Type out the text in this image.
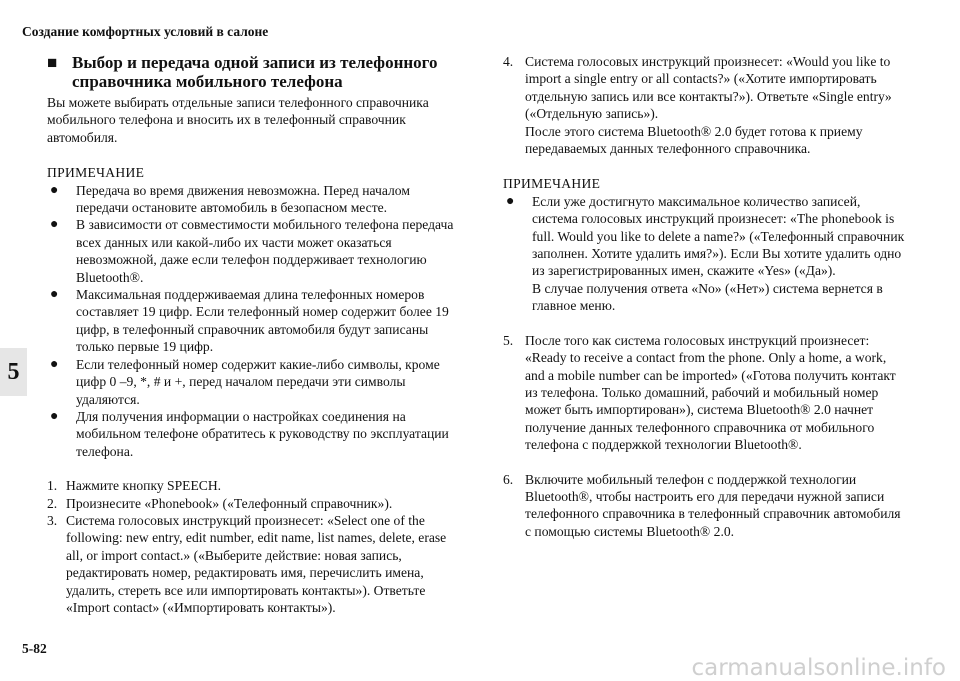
Создание комфортных условий в салоне
5
■ Выбор и передача одной записи из телефонного справочника мобильного телефона

Вы можете выбирать отдельные записи телефонного справочника мобильного телефона и вносить их в телефонный справочник автомобиля.

ПРИМЕЧАНИЕ
●	Передача во время движения невозможна. Перед началом передачи остановите автомобиль в безопасном месте.
●	В зависимости от совместимости мобильного телефона передача всех данных или какой-либо их части может оказаться невозможной, даже если телефон поддерживает технологию Bluetooth®.
●	Максимальная поддерживаемая длина телефонных номеров составляет 19 цифр. Если телефонный номер содержит более 19 цифр, в телефонный справочник автомобиля будут записаны только первые 19 цифр.
●	Если телефонный номер содержит какие-либо символы, кроме цифр 0 –9, *, # и +, перед началом передачи эти символы удаляются.
●	Для получения информации о настройках соединения на мобильном телефоне обратитесь к руководству по эксплуатации телефона.
1. Нажмите кнопку SPEECH.
2. Произнесите «Phonebook» («Телефонный справочник»).
3. Система голосовых инструкций произнесет: «Select one of the following: new entry, edit number, edit name, list names, delete, erase all, or import contact.» («Выберите действие: новая запись, редактировать номер, редактировать имя, перечислить имена, удалить, стереть все или импортировать контакты»). Ответьте «Import contact» («Импортировать контакты»).
4. Система голосовых инструкций произнесет: «Would you like to import a single entry or all contacts?» («Хотите импортировать отдельную запись или все контакты?»). Ответьте «Single entry» («Отдельную запись»).
После этого система Bluetooth® 2.0 будет готова к приему передаваемых данных телефонного справочника.
ПРИМЕЧАНИЕ
●	Если уже достигнуто максимальное количество записей, система голосовых инструкций произнесет: «The phonebook is full. Would you like to delete a name?» («Телефонный справочник заполнен. Хотите удалить имя?»). Если Вы хотите удалить одно из зарегистрированных имен, скажите «Yes» («Да»).
В случае получения ответа «No» («Нет») система вернется в главное меню.
5. После того как система голосовых инструкций произнесет: «Ready to receive a contact from the phone. Only a home, a work, and a mobile number can be imported» («Готова получить контакт из телефона. Только домашний, рабочий и мобильный номер может быть импортирован»), система Bluetooth® 2.0 начнет получение данных телефонного справочника от мобильного телефона с поддержкой технологии Bluetooth®.
6. Включите мобильный телефон с поддержкой технологии Bluetooth®, чтобы настроить его для передачи нужной записи телефонного справочника в телефонный справочник автомобиля с помощью системы Bluetooth® 2.0.
5-82
carmanualsonline.info
